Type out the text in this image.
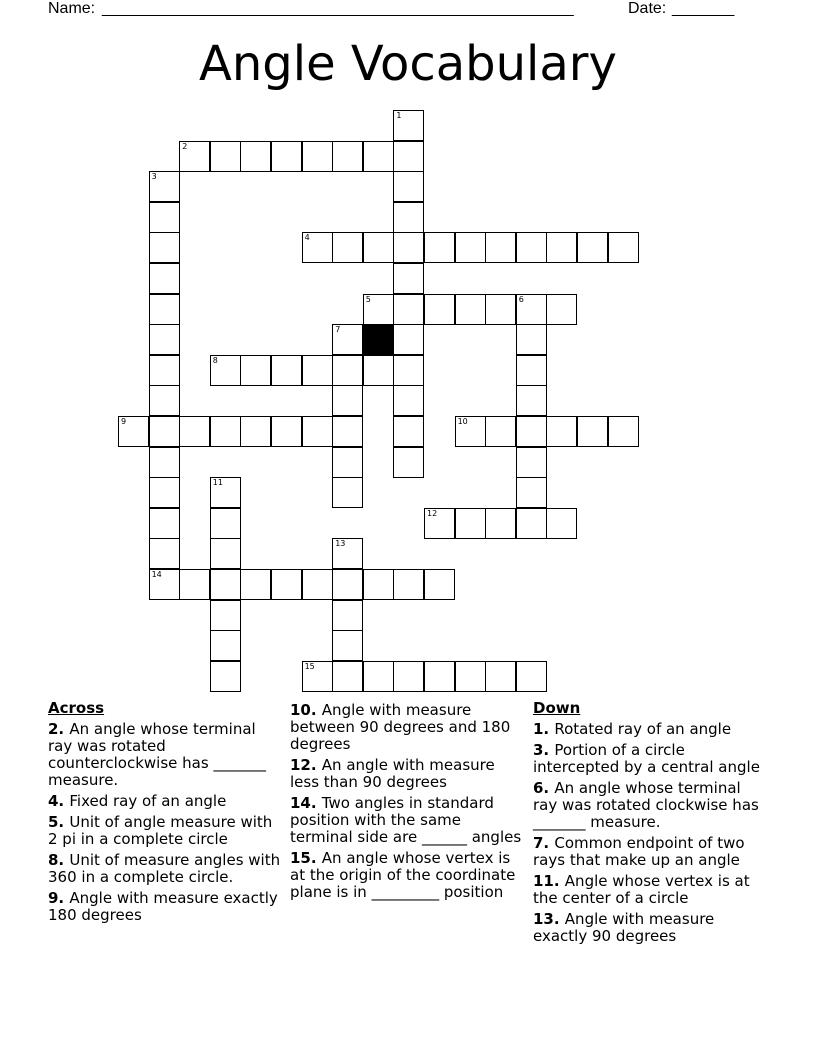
Name: _____________________________________________________	Date: _______
Angle Vocabulary
1
2
3
14
4
5	6
7
8
9	10
11
12
13
15
Across
2. An angle whose terminal ray was rotated counterclockwise has _______ measure.
4. Fixed ray of an angle
5. Unit of angle measure with 2 pi in a complete circle
8. Unit of measure angles with 360 in a complete circle.
9. Angle with measure exactly 180 degrees
10. Angle with measure between 90 degrees and 180 degrees
12. An angle with measure less than 90 degrees
14. Two angles in standard position with the same terminal side are ______ angles
15. An angle whose vertex is at the origin of the coordinate plane is in _________ position
Down
1. Rotated ray of an angle
3. Portion of a circle intercepted by a central angle
6. An angle whose terminal ray was rotated clockwise has _______ measure.
7. Common endpoint of two rays that make up an angle
11. Angle whose vertex is at the center of a circle
13. Angle with measure exactly 90 degrees
